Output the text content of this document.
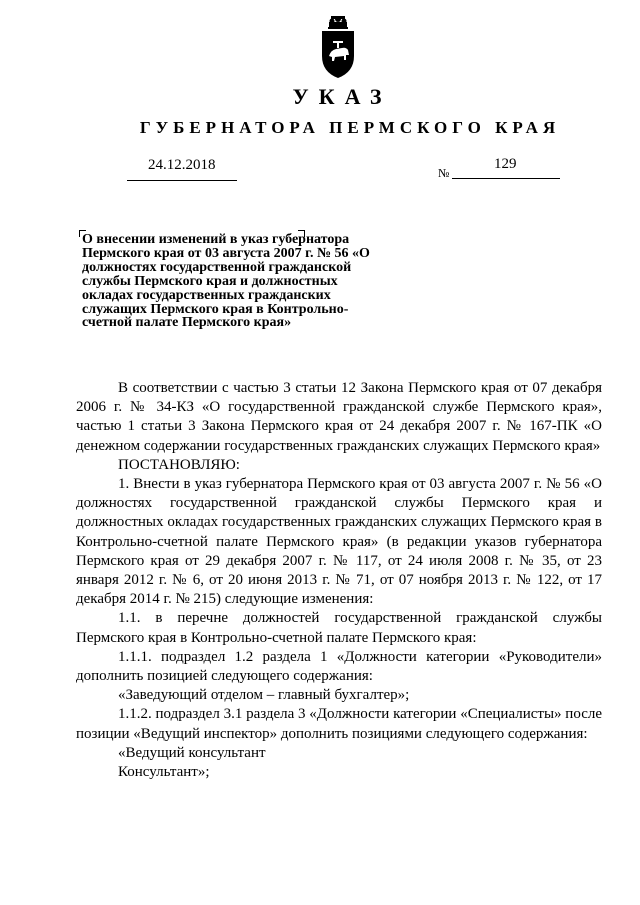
УКАЗ
ГУБЕРНАТОРА ПЕРМСКОГО КРАЯ
24.12.2018	№
129
О внесении изменений в указ губернатора Пермского края от 03 августа 2007 г. № 56 «О должностях государственной гражданской службы Пермского края и должностных окладах государственных гражданских служащих Пермского края в Контрольно-счетной палате Пермского края»

В соответствии с частью 3 статьи 12 Закона Пермского края от 07 декабря 2006 г. № 34-КЗ «О государственной гражданской службе Пермского края», частью 1 статьи 3 Закона Пермского края от 24 декабря 2007 г. № 167-ПК «О денежном содержании государственных гражданских служащих Пермского края»

ПОСТАНОВЛЯЮ:

1. Внести в указ губернатора Пермского края от 03 августа 2007 г. № 56 «О должностях государственной гражданской службы Пермского края и должностных окладах государственных гражданских служащих Пермского края в Контрольно-счетной палате Пермского края» (в редакции указов губернатора Пермского края от 29 декабря 2007 г. № 117, от 24 июля 2008 г. № 35, от 23 января 2012 г. № 6, от 20 июня 2013 г. № 71, от 07 ноября 2013 г. № 122, от 17 декабря 2014 г. № 215) следующие изменения:

1.1. в перечне должностей государственной гражданской службы Пермского края в Контрольно-счетной палате Пермского края:

1.1.1. подраздел 1.2 раздела 1 «Должности категории «Руководители» дополнить позицией следующего содержания:

«Заведующий отделом – главный бухгалтер»;

1.1.2. подраздел 3.1 раздела 3 «Должности категории «Специалисты» после позиции «Ведущий инспектор» дополнить позициями следующего содержания:

«Ведущий консультант

Консультант»;
